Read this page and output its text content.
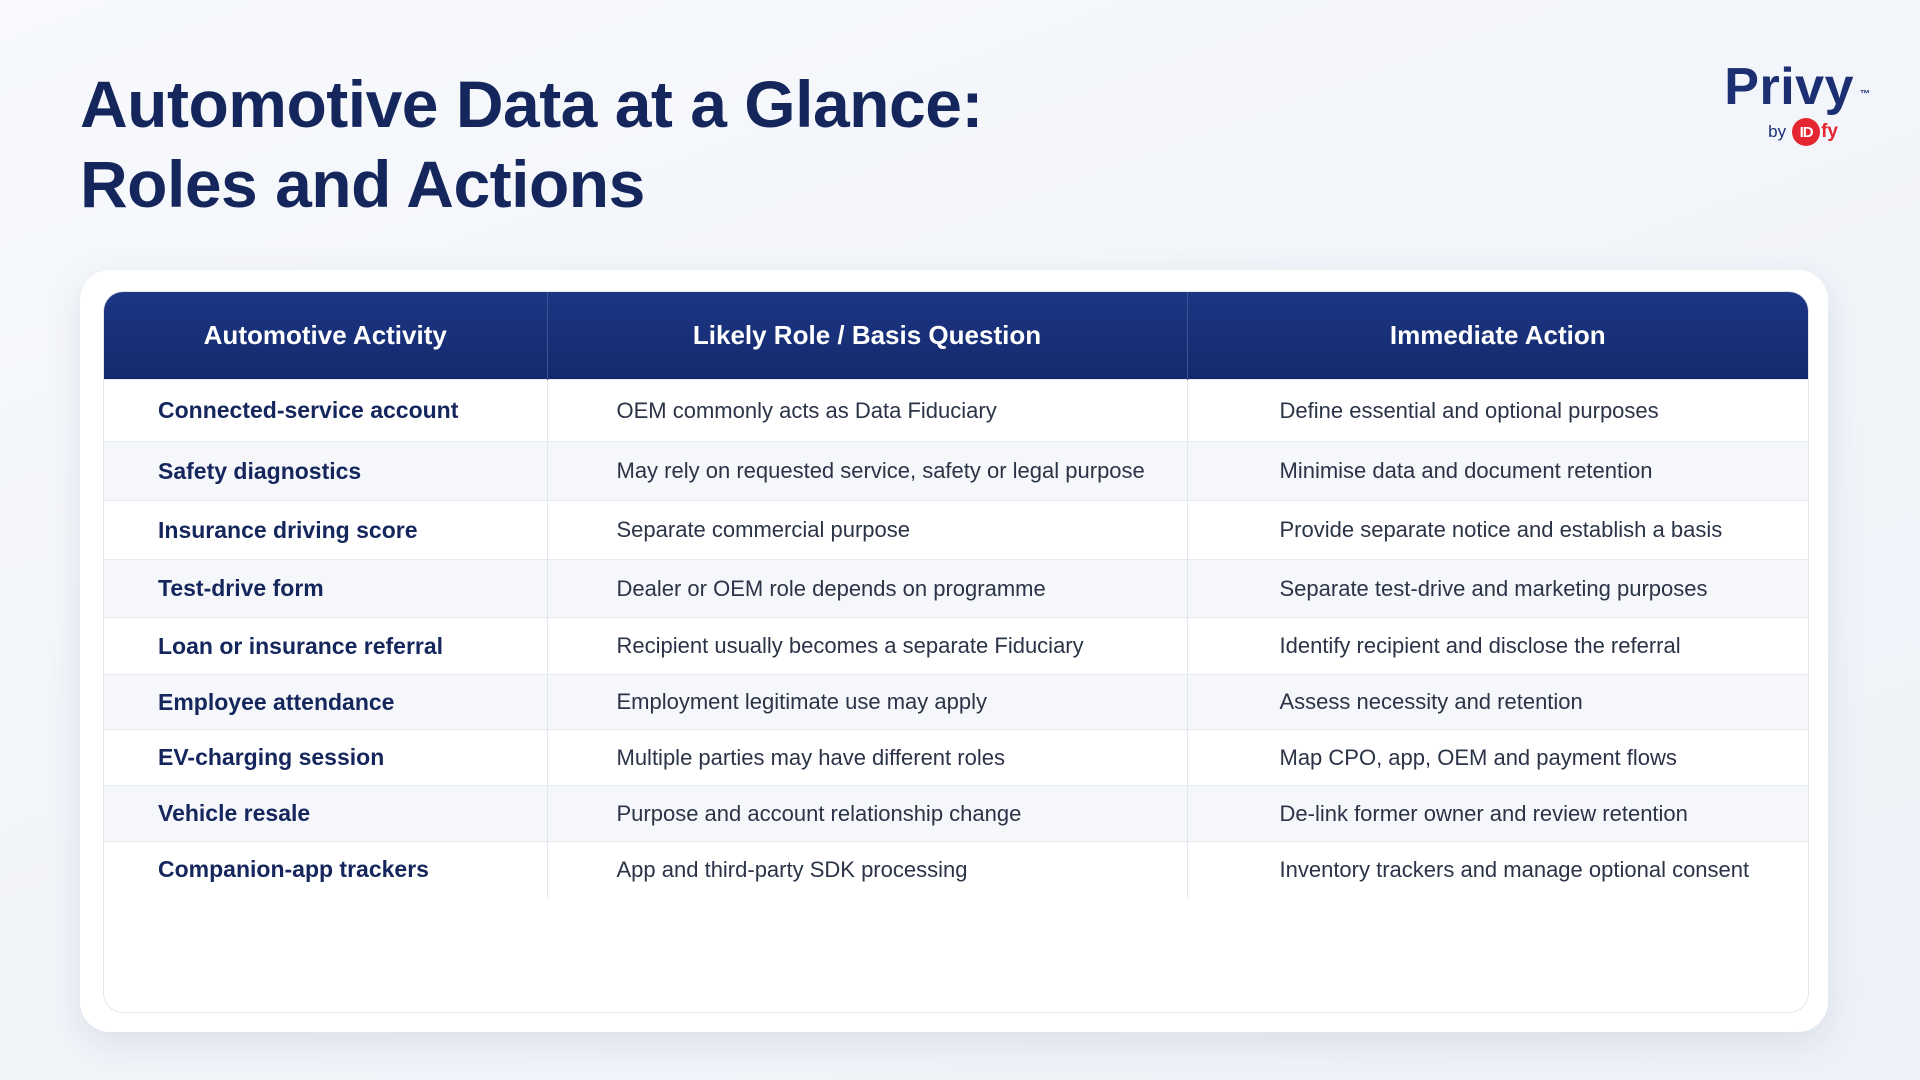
Automotive Data at a Glance:
Roles and Actions
Privy ™
by ID fy
Automotive Activity	Likely Role / Basis Question	Immediate Action
Connected-service account	OEM commonly acts as Data Fiduciary	Define essential and optional purposes
Safety diagnostics	May rely on requested service, safety or legal purpose	Minimise data and document retention
Insurance driving score	Separate commercial purpose	Provide separate notice and establish a basis
Test-drive form	Dealer or OEM role depends on programme	Separate test-drive and marketing purposes
Loan or insurance referral	Recipient usually becomes a separate Fiduciary	Identify recipient and disclose the referral
Employee attendance	Employment legitimate use may apply	Assess necessity and retention
EV-charging session	Multiple parties may have different roles	Map CPO, app, OEM and payment flows
Vehicle resale	Purpose and account relationship change	De-link former owner and review retention
Companion-app trackers	App and third-party SDK processing	Inventory trackers and manage optional consent
